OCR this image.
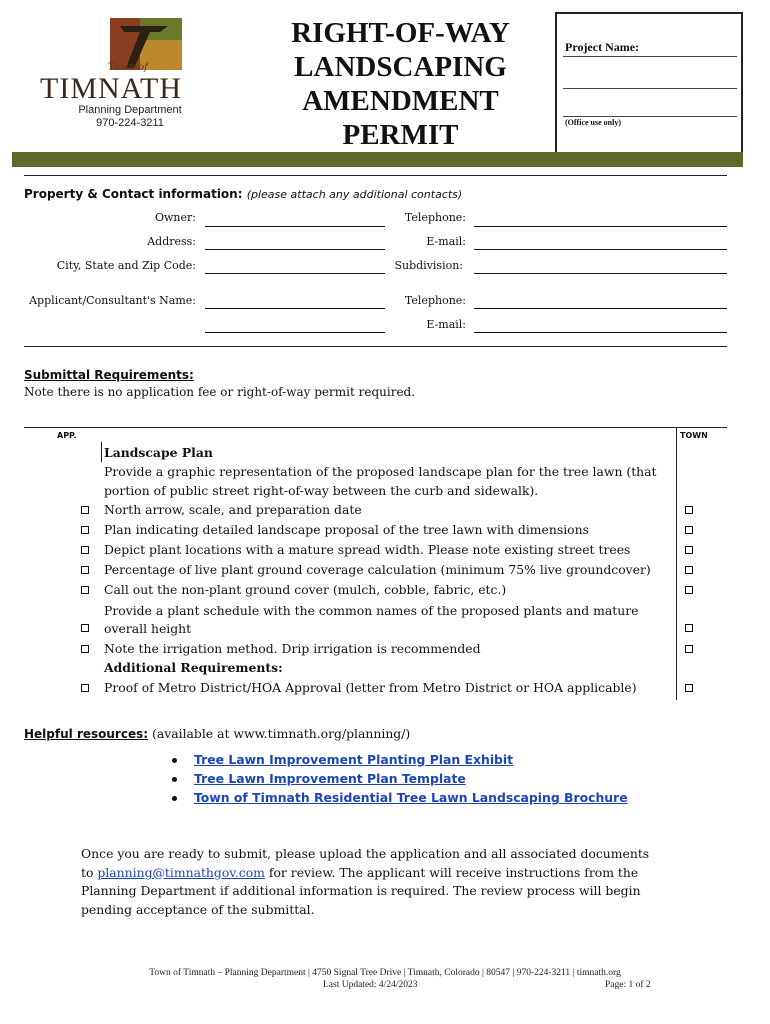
Town of
TIMNATH
Planning Department
970-224-3211
RIGHT-OF-WAY
LANDSCAPING
AMENDMENT
PERMIT
Project Name:
(Office use only)
Property & Contact information: (please attach any additional contacts)
Owner:	Telephone:
Address:	E-mail:
City, State and Zip Code:	Subdivision:
Applicant/Consultant's Name:	Telephone:
E-mail:
Submittal Requirements:
Note there is no application fee or right-of-way permit required.
APP.	TOWN
Landscape Plan
Provide a graphic representation of the proposed landscape plan for the tree lawn (that
portion of public street right-of-way between the curb and sidewalk).
North arrow, scale, and preparation date
Plan indicating detailed landscape proposal of the tree lawn with dimensions
Depict plant locations with a mature spread width. Please note existing street trees
Percentage of live plant ground coverage calculation (minimum 75% live groundcover)
Call out the non-plant ground cover (mulch, cobble, fabric, etc.)
Provide a plant schedule with the common names of the proposed plants and mature
overall height
Note the irrigation method. Drip irrigation is recommended
Additional Requirements:
Proof of Metro District/HOA Approval (letter from Metro District or HOA applicable)
Helpful resources: (available at www.timnath.org/planning/)
Tree Lawn Improvement Planting Plan Exhibit
Tree Lawn Improvement Plan Template
Town of Timnath Residential Tree Lawn Landscaping Brochure
Once you are ready to submit, please upload the application and all associated documents
to planning@timnathgov.com for review. The applicant will receive instructions from the
Planning Department if additional information is required. The review process will begin
pending acceptance of the submittal.
Town of Timnath – Planning Department | 4750 Signal Tree Drive | Timnath, Colorado | 80547 | 970-224-3211 | timnath.org
Last Updated: 4/24/2023	Page: 1 of 2
